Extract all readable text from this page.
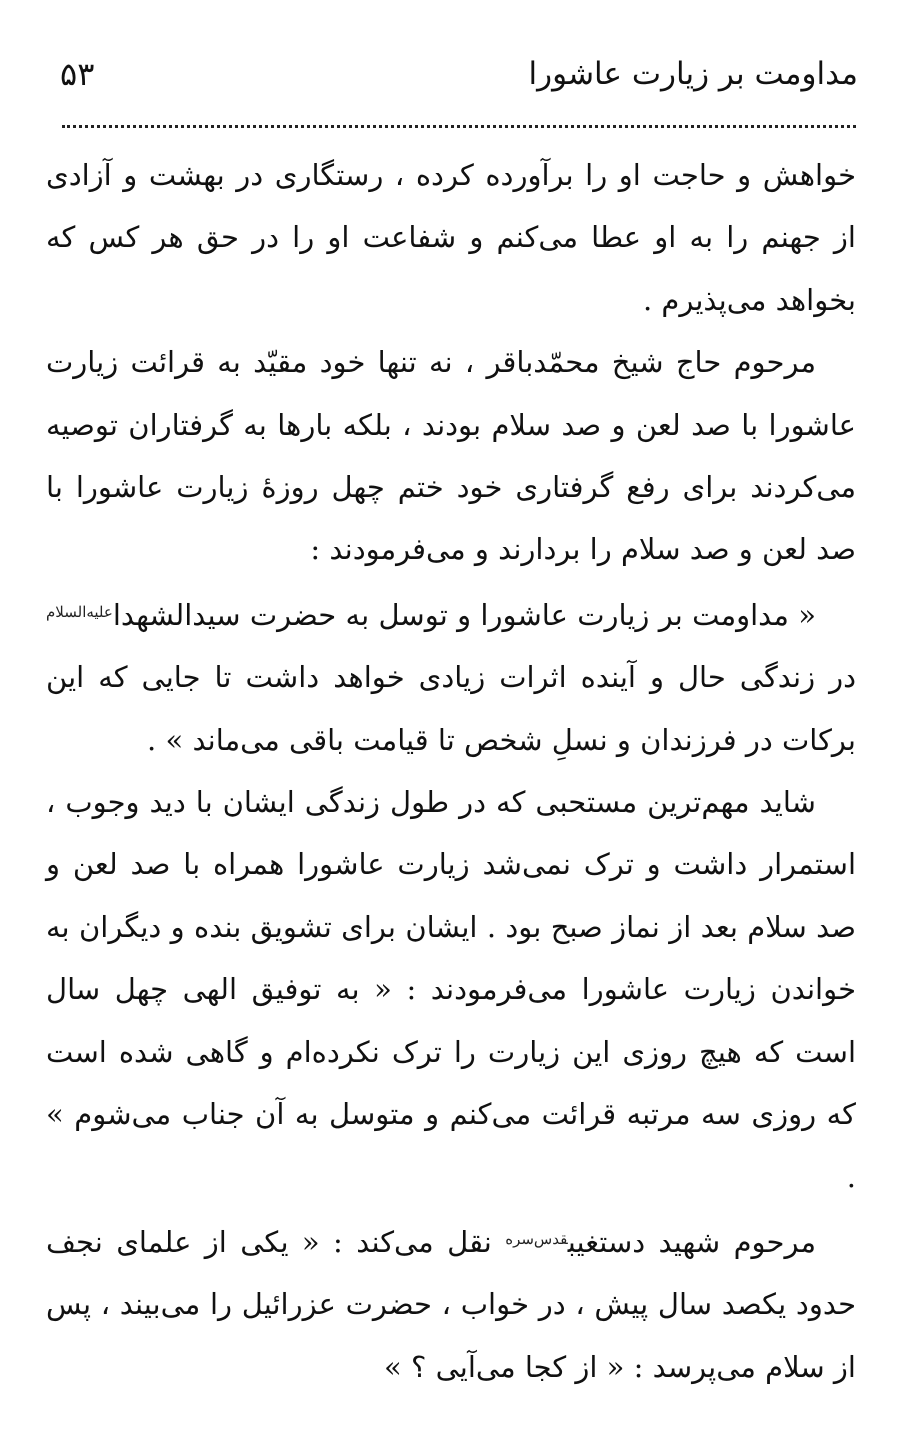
مداومت بر زیارت عاشورا
۵۳

خواهش و حاجت او را برآورده کرده ، رستگاری در بهشت و آزادی از جهنم را به او عطا می‌کنم و شفاعت او را در حق هر کس که بخواهد می‌پذیرم .

مرحوم حاج شیخ محمّدباقر ، نه تنها خود مقیّد به قرائت زیارت عاشورا با صد لعن و صد سلام بودند ، بلکه بارها به گرفتاران توصیه می‌کردند برای رفع گرفتاری خود ختم چهل روزهٔ زیارت عاشورا با صد لعن و صد سلام را بردارند و می‌فرمودند :

« مداومت بر زیارت عاشورا و توسل به حضرت سیدالشهدا$^{علیه‌السلام}$ در زندگی حال و آینده اثرات زیادی خواهد داشت تا جایی که این برکات در فرزندان و نسلِ شخص تا قیامت باقی می‌ماند » .

شاید مهم‌ترین مستحبی که در طول زندگی ایشان با دید وجوب ، استمرار داشت و ترک نمی‌شد زیارت عاشورا همراه با صد لعن و صد سلام بعد از نماز صبح بود . ایشان برای تشویق بنده و دیگران به خواندن زیارت عاشورا می‌فرمودند : « به توفیق الهی چهل سال است که هیچ روزی این زیارت را ترک نکرده‌ام و گاهی شده است که روزی سه مرتبه قرائت می‌کنم و متوسل به آن جناب می‌شوم » .

مرحوم شهید دستغیب$^{قدس‌سره}$ نقل می‌کند : « یکی از علمای نجف حدود یکصد سال پیش ، در خواب ، حضرت عزرائیل را می‌بیند ، پس از سلام می‌پرسد : « از کجا می‌آیی ؟ »
